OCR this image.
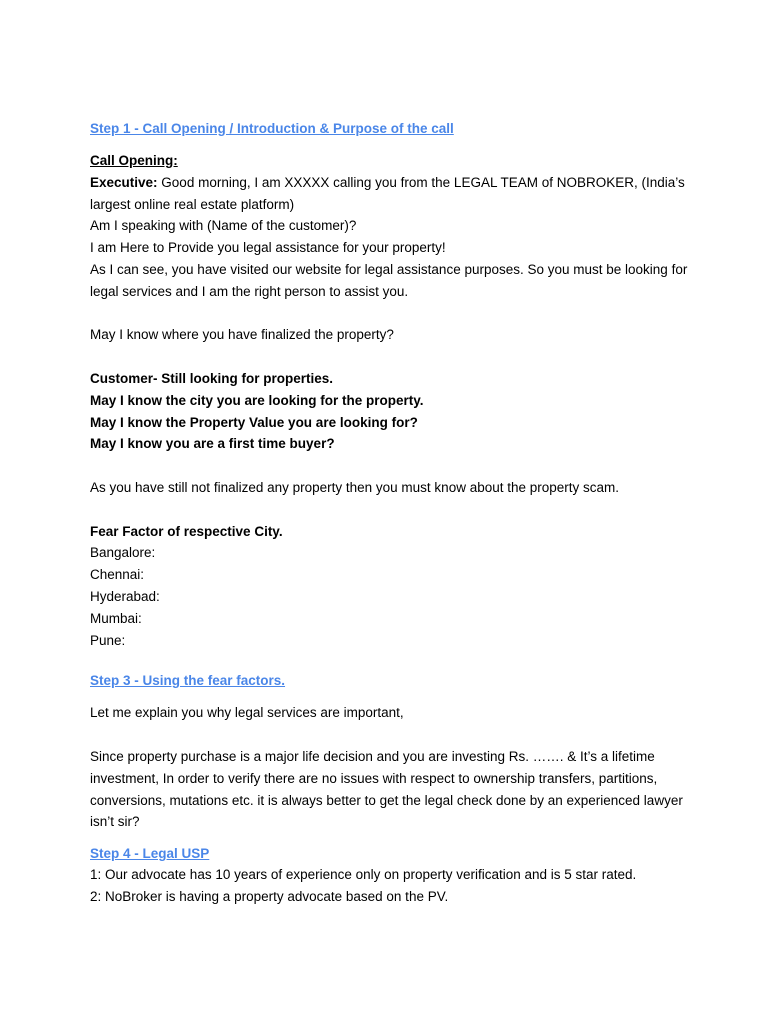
Step 1 - Call Opening / Introduction & Purpose of the call

Call Opening:

Executive: Good morning, I am XXXXX calling you from the LEGAL TEAM of NOBROKER, (India’s largest online real estate platform)

Am I speaking with (Name of the customer)?

I am Here to Provide you legal assistance for your property!

As I can see, you have visited our website for legal assistance purposes. So you must be looking for legal services and I am the right person to assist you.

May I know where you have finalized the property?

Customer- Still looking for properties.

May I know the city you are looking for the property.

May I know the Property Value you are looking for?

May I know you are a first time buyer?

As you have still not finalized any property then you must know about the property scam.

Fear Factor of respective City.

Bangalore:

Chennai:

Hyderabad:

Mumbai:

Pune:

Step 3 - Using the fear factors.

Let me explain you why legal services are important,

Since property purchase is a major life decision and you are investing Rs. ……. & It’s a lifetime investment, In order to verify there are no issues with respect to ownership transfers, partitions, conversions, mutations etc. it is always better to get the legal check done by an experienced lawyer isn’t sir?

Step 4 - Legal USP

1: Our advocate has 10 years of experience only on property verification and is 5 star rated.

2: NoBroker is having a property advocate based on the PV.
